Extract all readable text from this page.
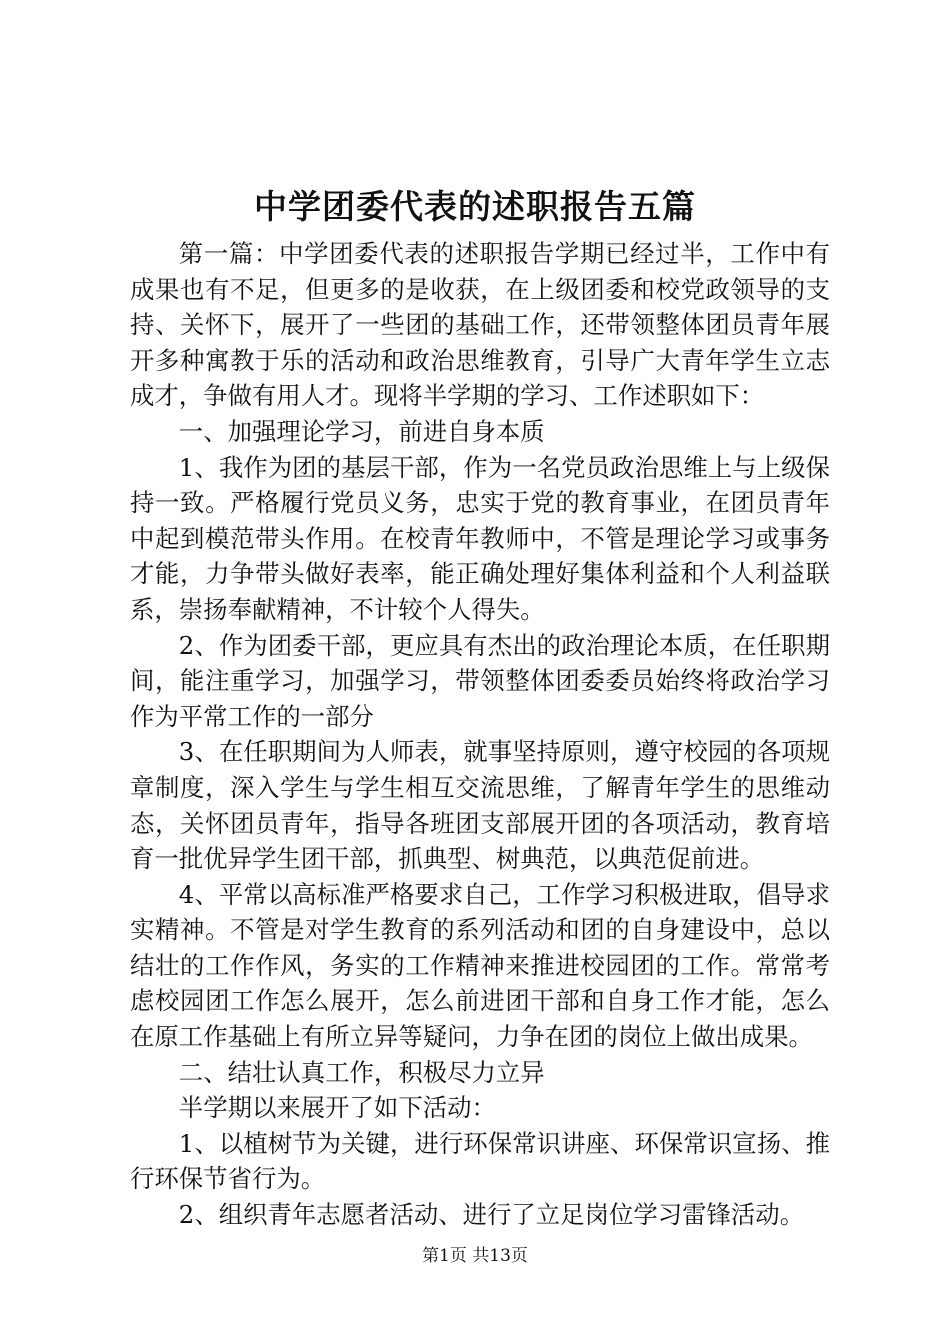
中学团委代表的述职报告五篇

第一篇：中学团委代表的述职报告学期已经过半，工作中有成果也有不足，但更多的是收获，在上级团委和校党政领导的支持、关怀下，展开了一些团的基础工作，还带领整体团员青年展开多种寓教于乐的活动和政治思维教育，引导广大青年学生立志成才，争做有用人才。现将半学期的学习、工作述职如下：

一、加强理论学习，前进自身本质

1、我作为团的基层干部，作为一名党员政治思维上与上级保持一致。严格履行党员义务，忠实于党的教育事业，在团员青年中起到模范带头作用。在校青年教师中，不管是理论学习或事务才能，力争带头做好表率，能正确处理好集体利益和个人利益联系，崇扬奉献精神，不计较个人得失。

2、作为团委干部，更应具有杰出的政治理论本质，在任职期间，能注重学习，加强学习，带领整体团委委员始终将政治学习作为平常工作的一部分

3、在任职期间为人师表，就事坚持原则，遵守校园的各项规章制度，深入学生与学生相互交流思维，了解青年学生的思维动态，关怀团员青年，指导各班团支部展开团的各项活动，教育培育一批优异学生团干部，抓典型、树典范，以典范促前进。

4、平常以高标准严格要求自己，工作学习积极进取，倡导求实精神。不管是对学生教育的系列活动和团的自身建设中，总以结壮的工作作风，务实的工作精神来推进校园团的工作。常常考虑校园团工作怎么展开，怎么前进团干部和自身工作才能，怎么在原工作基础上有所立异等疑问，力争在团的岗位上做出成果。

二、结壮认真工作，积极尽力立异

半学期以来展开了如下活动：

1、以植树节为关键，进行环保常识讲座、环保常识宣扬、推行环保节省行为。

2、组织青年志愿者活动、进行了立足岗位学习雷锋活动。

第1页 共13页
